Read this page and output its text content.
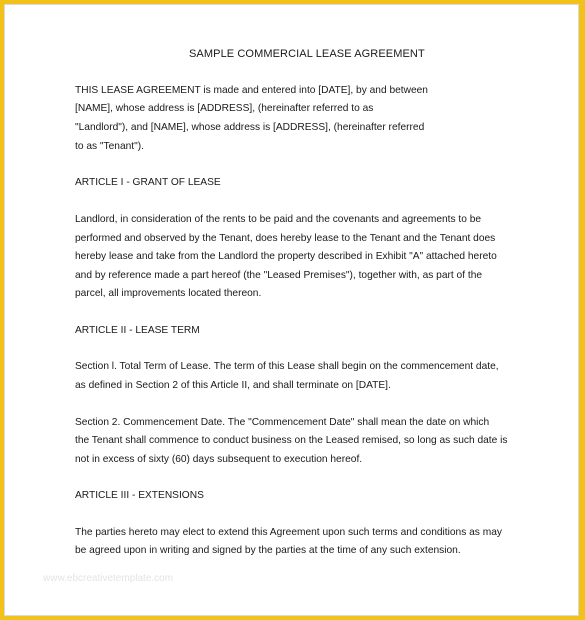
www.ebcreativetemplate.com
SAMPLE COMMERCIAL LEASE AGREEMENT
THIS LEASE AGREEMENT is made and entered into [DATE], by and between
[NAME], whose address is [ADDRESS], (hereinafter referred to as
"Landlord"), and [NAME], whose address is [ADDRESS], (hereinafter referred
to as "Tenant").
ARTICLE I - GRANT OF LEASE
Landlord, in consideration of the rents to be paid and the covenants and agreements to be
performed and observed by the Tenant, does hereby lease to the Tenant and the Tenant does
hereby lease and take from the Landlord the property described in Exhibit "A" attached hereto
and by reference made a part hereof (the "Leased Premises"), together with, as part of the
parcel, all improvements located thereon.
ARTICLE II - LEASE TERM
Section l. Total Term of Lease. The term of this Lease shall begin on the commencement date,
as defined in Section 2 of this Article II, and shall terminate on [DATE].
Section 2. Commencement Date. The "Commencement Date" shall mean the date on which
the Tenant shall commence to conduct business on the Leased remised, so long as such date is
not in excess of sixty (60) days subsequent to execution hereof.
ARTICLE III - EXTENSIONS
The parties hereto may elect to extend this Agreement upon such terms and conditions as may
be agreed upon in writing and signed by the parties at the time of any such extension.
